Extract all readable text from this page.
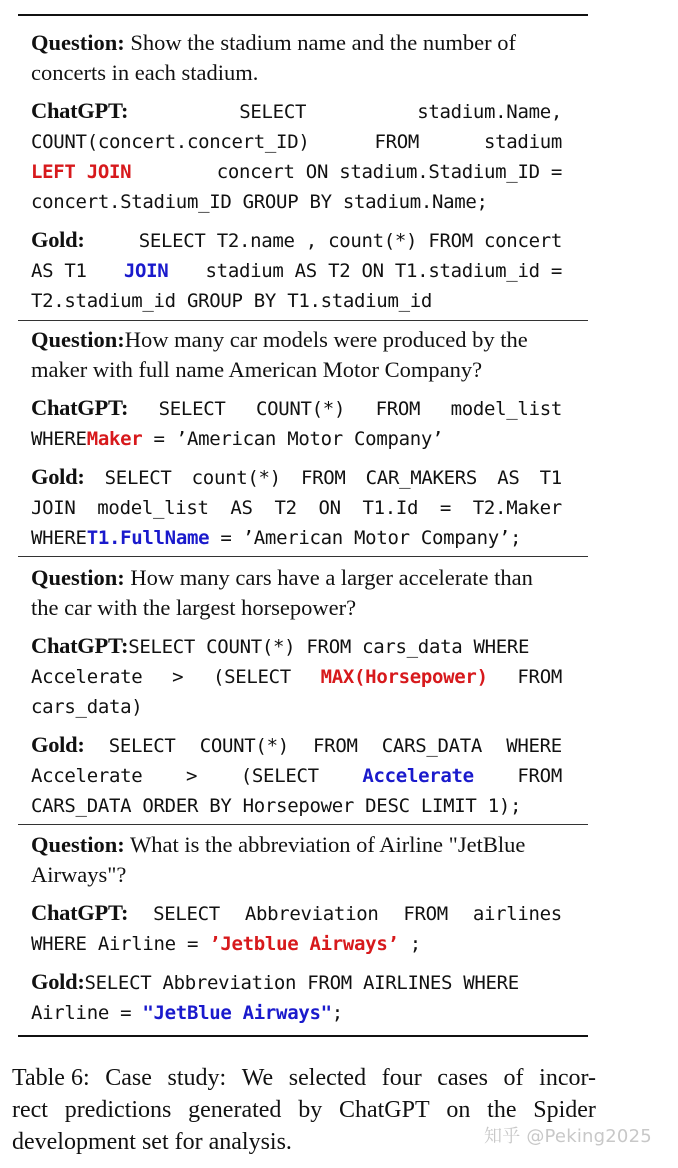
Question: Show the stadium name and the number of
concerts in each stadium.

ChatGPT:	SELECT	stadium.Name,

COUNT(concert.concert_ID)	FROM	stadium

LEFT JOIN	concert ON stadium.Stadium_ID =

concert.Stadium_ID GROUP BY stadium.Name;

Gold:	SELECT T2.name , count(*) FROM concert

AS T1 JOIN stadium AS T2 ON T1.stadium_id =

T2.stadium_id GROUP BY T1.stadium_id

Question:How many car models were produced by the
maker with full name American Motor Company?

ChatGPT: SELECT COUNT(*) FROM model_list

WHERE Maker = ’American Motor Company’

Gold: SELECT count(*) FROM CAR_MAKERS AS T1

JOIN model_list AS T2 ON T1.Id = T2.Maker

WHERE T1.FullName = ’American Motor Company’;

Question: How many cars have a larger accelerate than
the car with the largest horsepower?

ChatGPT: SELECT COUNT(*) FROM cars_data WHERE

Accelerate > (SELECT MAX(Horsepower) FROM

cars_data)

Gold: SELECT COUNT(*) FROM CARS_DATA WHERE

Accelerate > (SELECT Accelerate FROM

CARS_DATA ORDER BY Horsepower DESC LIMIT 1);

Question: What is the abbreviation of Airline "JetBlue
Airways"?

ChatGPT: SELECT Abbreviation FROM airlines

WHERE Airline = ’Jetblue Airways’ ;

Gold: SELECT Abbreviation FROM AIRLINES WHERE

Airline = "JetBlue Airways" ;

Table 6: Case study: We selected four cases of incor-

rect predictions generated by ChatGPT on the Spider

development set for analysis.	知乎 @Peking2025
